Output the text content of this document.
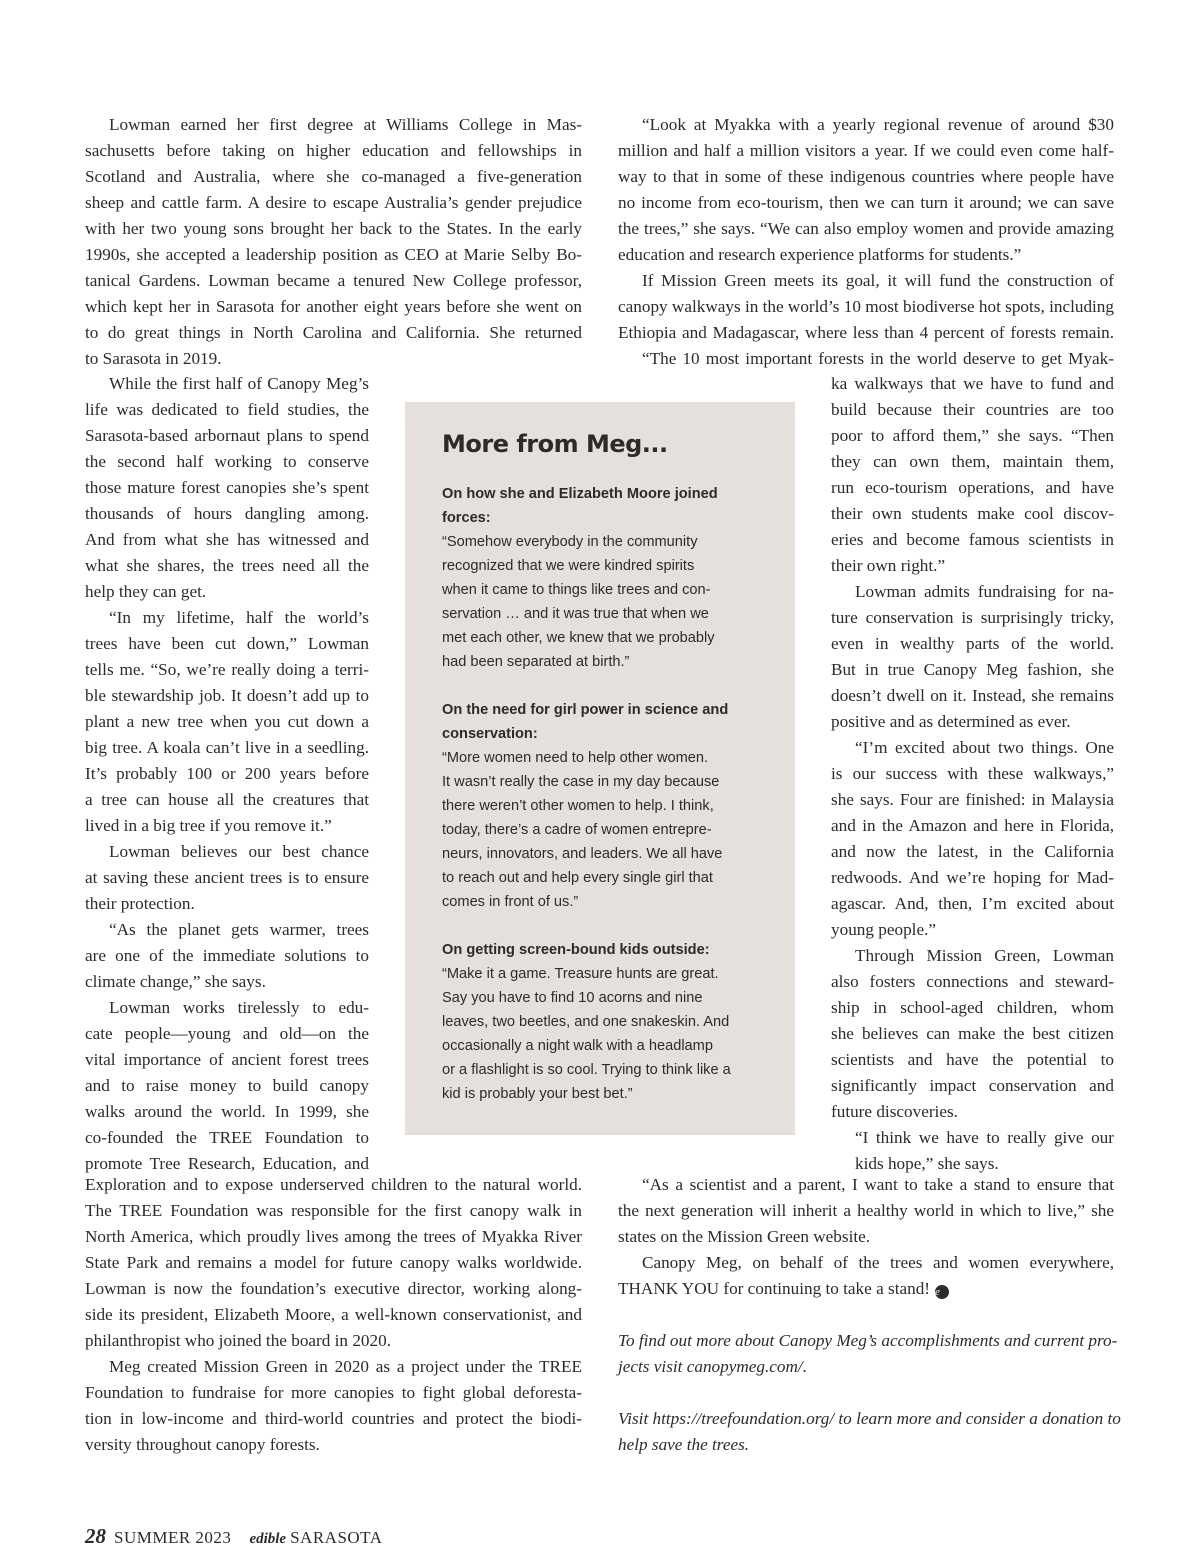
Lowman earned her first degree at Williams College in Mas-
sachusetts before taking on higher education and fellowships in
Scotland and Australia, where she co-managed a five-generation
sheep and cattle farm. A desire to escape Australia’s gender prejudice
with her two young sons brought her back to the States. In the early
1990s, she accepted a leadership position as CEO at Marie Selby Bo-
tanical Gardens. Lowman became a tenured New College professor,
which kept her in Sarasota for another eight years before she went on
to do great things in North Carolina and California. She returned
to Sarasota in 2019.
While the first half of Canopy Meg’s
life was dedicated to field studies, the
Sarasota-based arbornaut plans to spend
the second half working to conserve
those mature forest canopies she’s spent
thousands of hours dangling among.
And from what she has witnessed and
what she shares, the trees need all the
help they can get.
“In my lifetime, half the world’s
trees have been cut down,” Lowman
tells me. “So, we’re really doing a terri-
ble stewardship job. It doesn’t add up to
plant a new tree when you cut down a
big tree. A koala can’t live in a seedling.
It’s probably 100 or 200 years before
a tree can house all the creatures that
lived in a big tree if you remove it.”
Lowman believes our best chance
at saving these ancient trees is to ensure
their protection.
“As the planet gets warmer, trees
are one of the immediate solutions to
climate change,” she says.
Lowman works tirelessly to edu-
cate people—young and old—on the
vital importance of ancient forest trees
and to raise money to build canopy
walks around the world. In 1999, she
co-founded the TREE Foundation to
promote Tree Research, Education, and
Exploration and to expose underserved children to the natural world.
The TREE Foundation was responsible for the first canopy walk in
North America, which proudly lives among the trees of Myakka River
State Park and remains a model for future canopy walks worldwide.
Lowman is now the foundation’s executive director, working along-
side its president, Elizabeth Moore, a well-known conservationist, and
philanthropist who joined the board in 2020.
Meg created Mission Green in 2020 as a project under the TREE
Foundation to fundraise for more canopies to fight global deforesta-
tion in low-income and third-world countries and protect the biodi-
versity throughout canopy forests.
“Look at Myakka with a yearly regional revenue of around $30
million and half a million visitors a year. If we could even come half-
way to that in some of these indigenous countries where people have
no income from eco-tourism, then we can turn it around; we can save
the trees,” she says. “We can also employ women and provide amazing
education and research experience platforms for students.”
If Mission Green meets its goal, it will fund the construction of
canopy walkways in the world’s 10 most biodiverse hot spots, including
Ethiopia and Madagascar, where less than 4 percent of forests remain.
“The 10 most important forests in the world deserve to get Myak-
ka walkways that we have to fund and
build because their countries are too
poor to afford them,” she says. “Then
they can own them, maintain them,
run eco-tourism operations, and have
their own students make cool discov-
eries and become famous scientists in
their own right.”
Lowman admits fundraising for na-
ture conservation is surprisingly tricky,
even in wealthy parts of the world.
But in true Canopy Meg fashion, she
doesn’t dwell on it. Instead, she remains
positive and as determined as ever.
“I’m excited about two things. One
is our success with these walkways,”
she says. Four are finished: in Malaysia
and in the Amazon and here in Florida,
and now the latest, in the California
redwoods. And we’re hoping for Mad-
agascar. And, then, I’m excited about
young people.”
Through Mission Green, Lowman
also fosters connections and steward-
ship in school-aged children, whom
she believes can make the best citizen
scientists and have the potential to
significantly impact conservation and
future discoveries.
“I think we have to really give our
kids hope,” she says.
“As a scientist and a parent, I want to take a stand to ensure that
the next generation will inherit a healthy world in which to live,” she
states on the Mission Green website.
Canopy Meg, on behalf of the trees and women everywhere,
THANK YOU for continuing to take a stand! e
To find out more about Canopy Meg’s accomplishments and current pro-
jects visit canopymeg.com/.
Visit https://treefoundation.org/ to learn more and consider a donation to
help save the trees.
More from Meg...
On how she and Elizabeth Moore joined
forces:
“Somehow everybody in the community
recognized that we were kindred spirits
when it came to things like trees and con-
servation … and it was true that when we
met each other, we knew that we probably
had been separated at birth.”
On the need for girl power in science and
conservation:
“More women need to help other women.
It wasn’t really the case in my day because
there weren’t other women to help. I think,
today, there’s a cadre of women entrepre-
neurs, innovators, and leaders. We all have
to reach out and help every single girl that
comes in front of us.”
On getting screen-bound kids outside:
“Make it a game. Treasure hunts are great.
Say you have to find 10 acorns and nine
leaves, two beetles, and one snakeskin. And
occasionally a night walk with a headlamp
or a flashlight is so cool. Trying to think like a
kid is probably your best bet.”
28 SUMMER 2023 edible SARASOTA
